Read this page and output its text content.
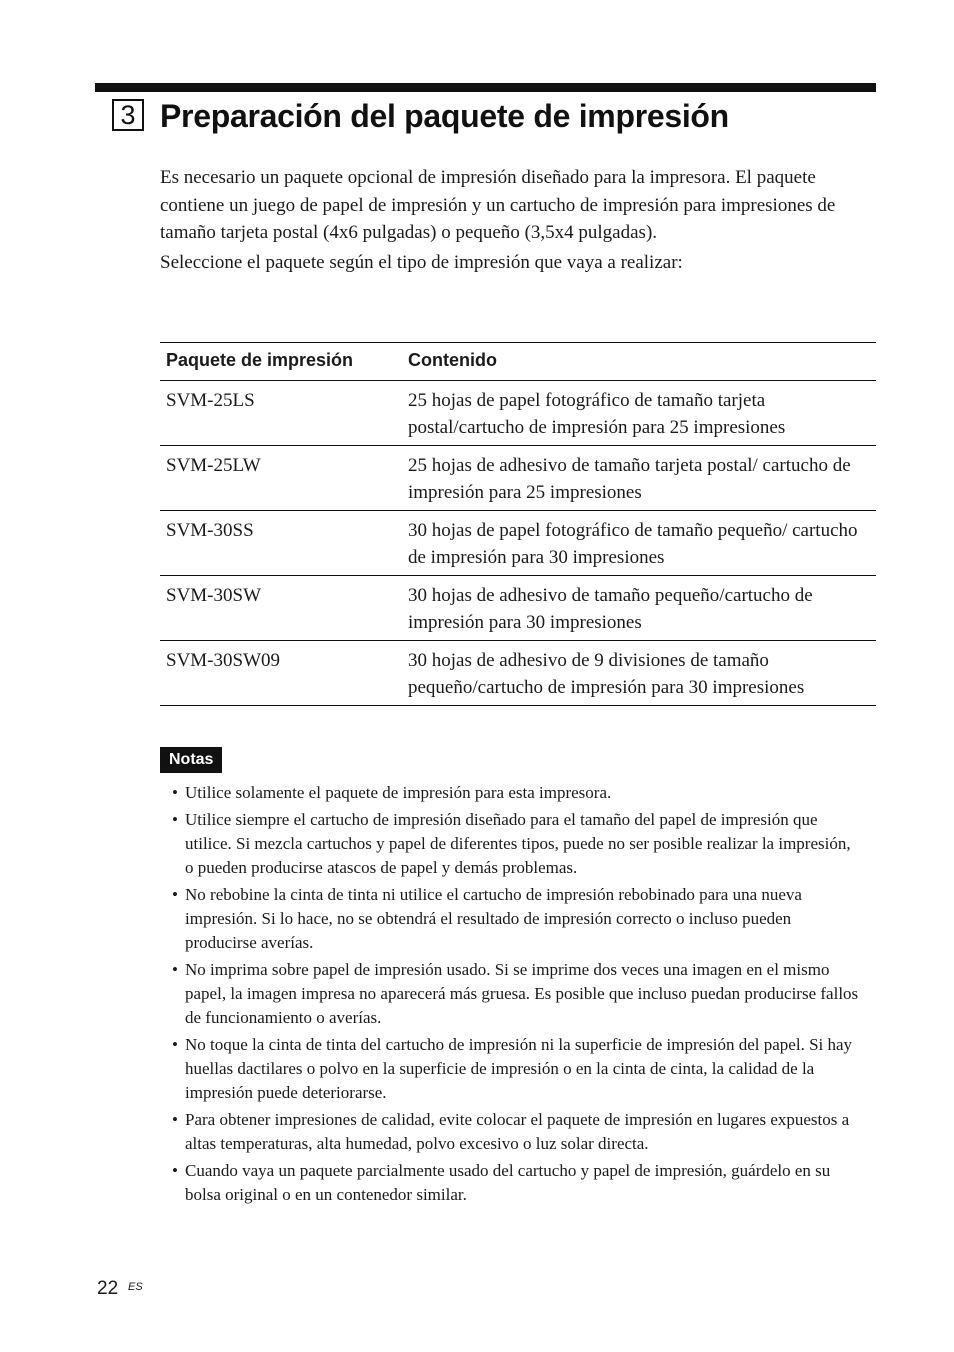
3 Preparación del paquete de impresión

Es necesario un paquete opcional de impresión diseñado para la impresora. El paquete contiene un juego de papel de impresión y un cartucho de impresión para impresiones de tamaño tarjeta postal (4x6 pulgadas) o pequeño (3,5x4 pulgadas).

Seleccione el paquete según el tipo de impresión que vaya a realizar:

Paquete de impresión	Contenido
SVM-25LS	25 hojas de papel fotográfico de tamaño tarjeta postal/cartucho de impresión para 25 impresiones
SVM-25LW	25 hojas de adhesivo de tamaño tarjeta postal/ cartucho de impresión para 25 impresiones
SVM-30SS	30 hojas de papel fotográfico de tamaño pequeño/ cartucho de impresión para 30 impresiones
SVM-30SW	30 hojas de adhesivo de tamaño pequeño/cartucho de impresión para 30 impresiones
SVM-30SW09	30 hojas de adhesivo de 9 divisiones de tamaño pequeño/cartucho de impresión para 30 impresiones
Notas
• Utilice solamente el paquete de impresión para esta impresora.
• Utilice siempre el cartucho de impresión diseñado para el tamaño del papel de impresión que utilice. Si mezcla cartuchos y papel de diferentes tipos, puede no ser posible realizar la impresión, o pueden producirse atascos de papel y demás problemas.
• No rebobine la cinta de tinta ni utilice el cartucho de impresión rebobinado para una nueva impresión. Si lo hace, no se obtendrá el resultado de impresión correcto o incluso pueden producirse averías.
• No imprima sobre papel de impresión usado. Si se imprime dos veces una imagen en el mismo papel, la imagen impresa no aparecerá más gruesa. Es posible que incluso puedan producirse fallos de funcionamiento o averías.
• No toque la cinta de tinta del cartucho de impresión ni la superficie de impresión del papel. Si hay huellas dactilares o polvo en la superficie de impresión o en la cinta de cinta, la calidad de la impresión puede deteriorarse.
• Para obtener impresiones de calidad, evite colocar el paquete de impresión en lugares expuestos a altas temperaturas, alta humedad, polvo excesivo o luz solar directa.
• Cuando vaya un paquete parcialmente usado del cartucho y papel de impresión, guárdelo en su bolsa original o en un contenedor similar.
22 ES
